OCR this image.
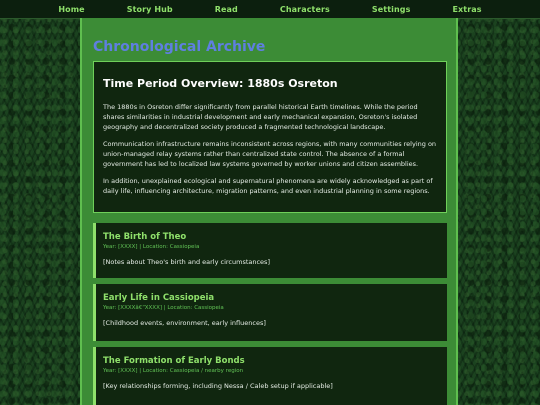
Home	Story Hub	Read	Characters	Settings	Extras
Chronological Archive
Time Period Overview: 1880s Osreton

The 1880s in Osreton differ significantly from parallel historical Earth timelines. While the period shares similarities in industrial development and early mechanical expansion, Osreton's isolated geography and decentralized society produced a fragmented technological landscape.

Communication infrastructure remains inconsistent across regions, with many communities relying on union-managed relay systems rather than centralized state control. The absence of a formal government has led to localized law systems governed by worker unions and citizen assemblies.

In addition, unexplained ecological and supernatural phenomena are widely acknowledged as part of daily life, influencing architecture, migration patterns, and even industrial planning in some regions.

The Birth of Theo
Year: [XXXX] | Location: Cassiopeia

[Notes about Theo's birth and early circumstances]

Early Life in Cassiopeia
Year: [XXXXâ€“XXXX] | Location: Cassiopeia

[Childhood events, environment, early influences]

The Formation of Early Bonds
Year: [XXXX] | Location: Cassiopeia / nearby region

[Key relationships forming, including Nessa / Caleb setup if applicable]
